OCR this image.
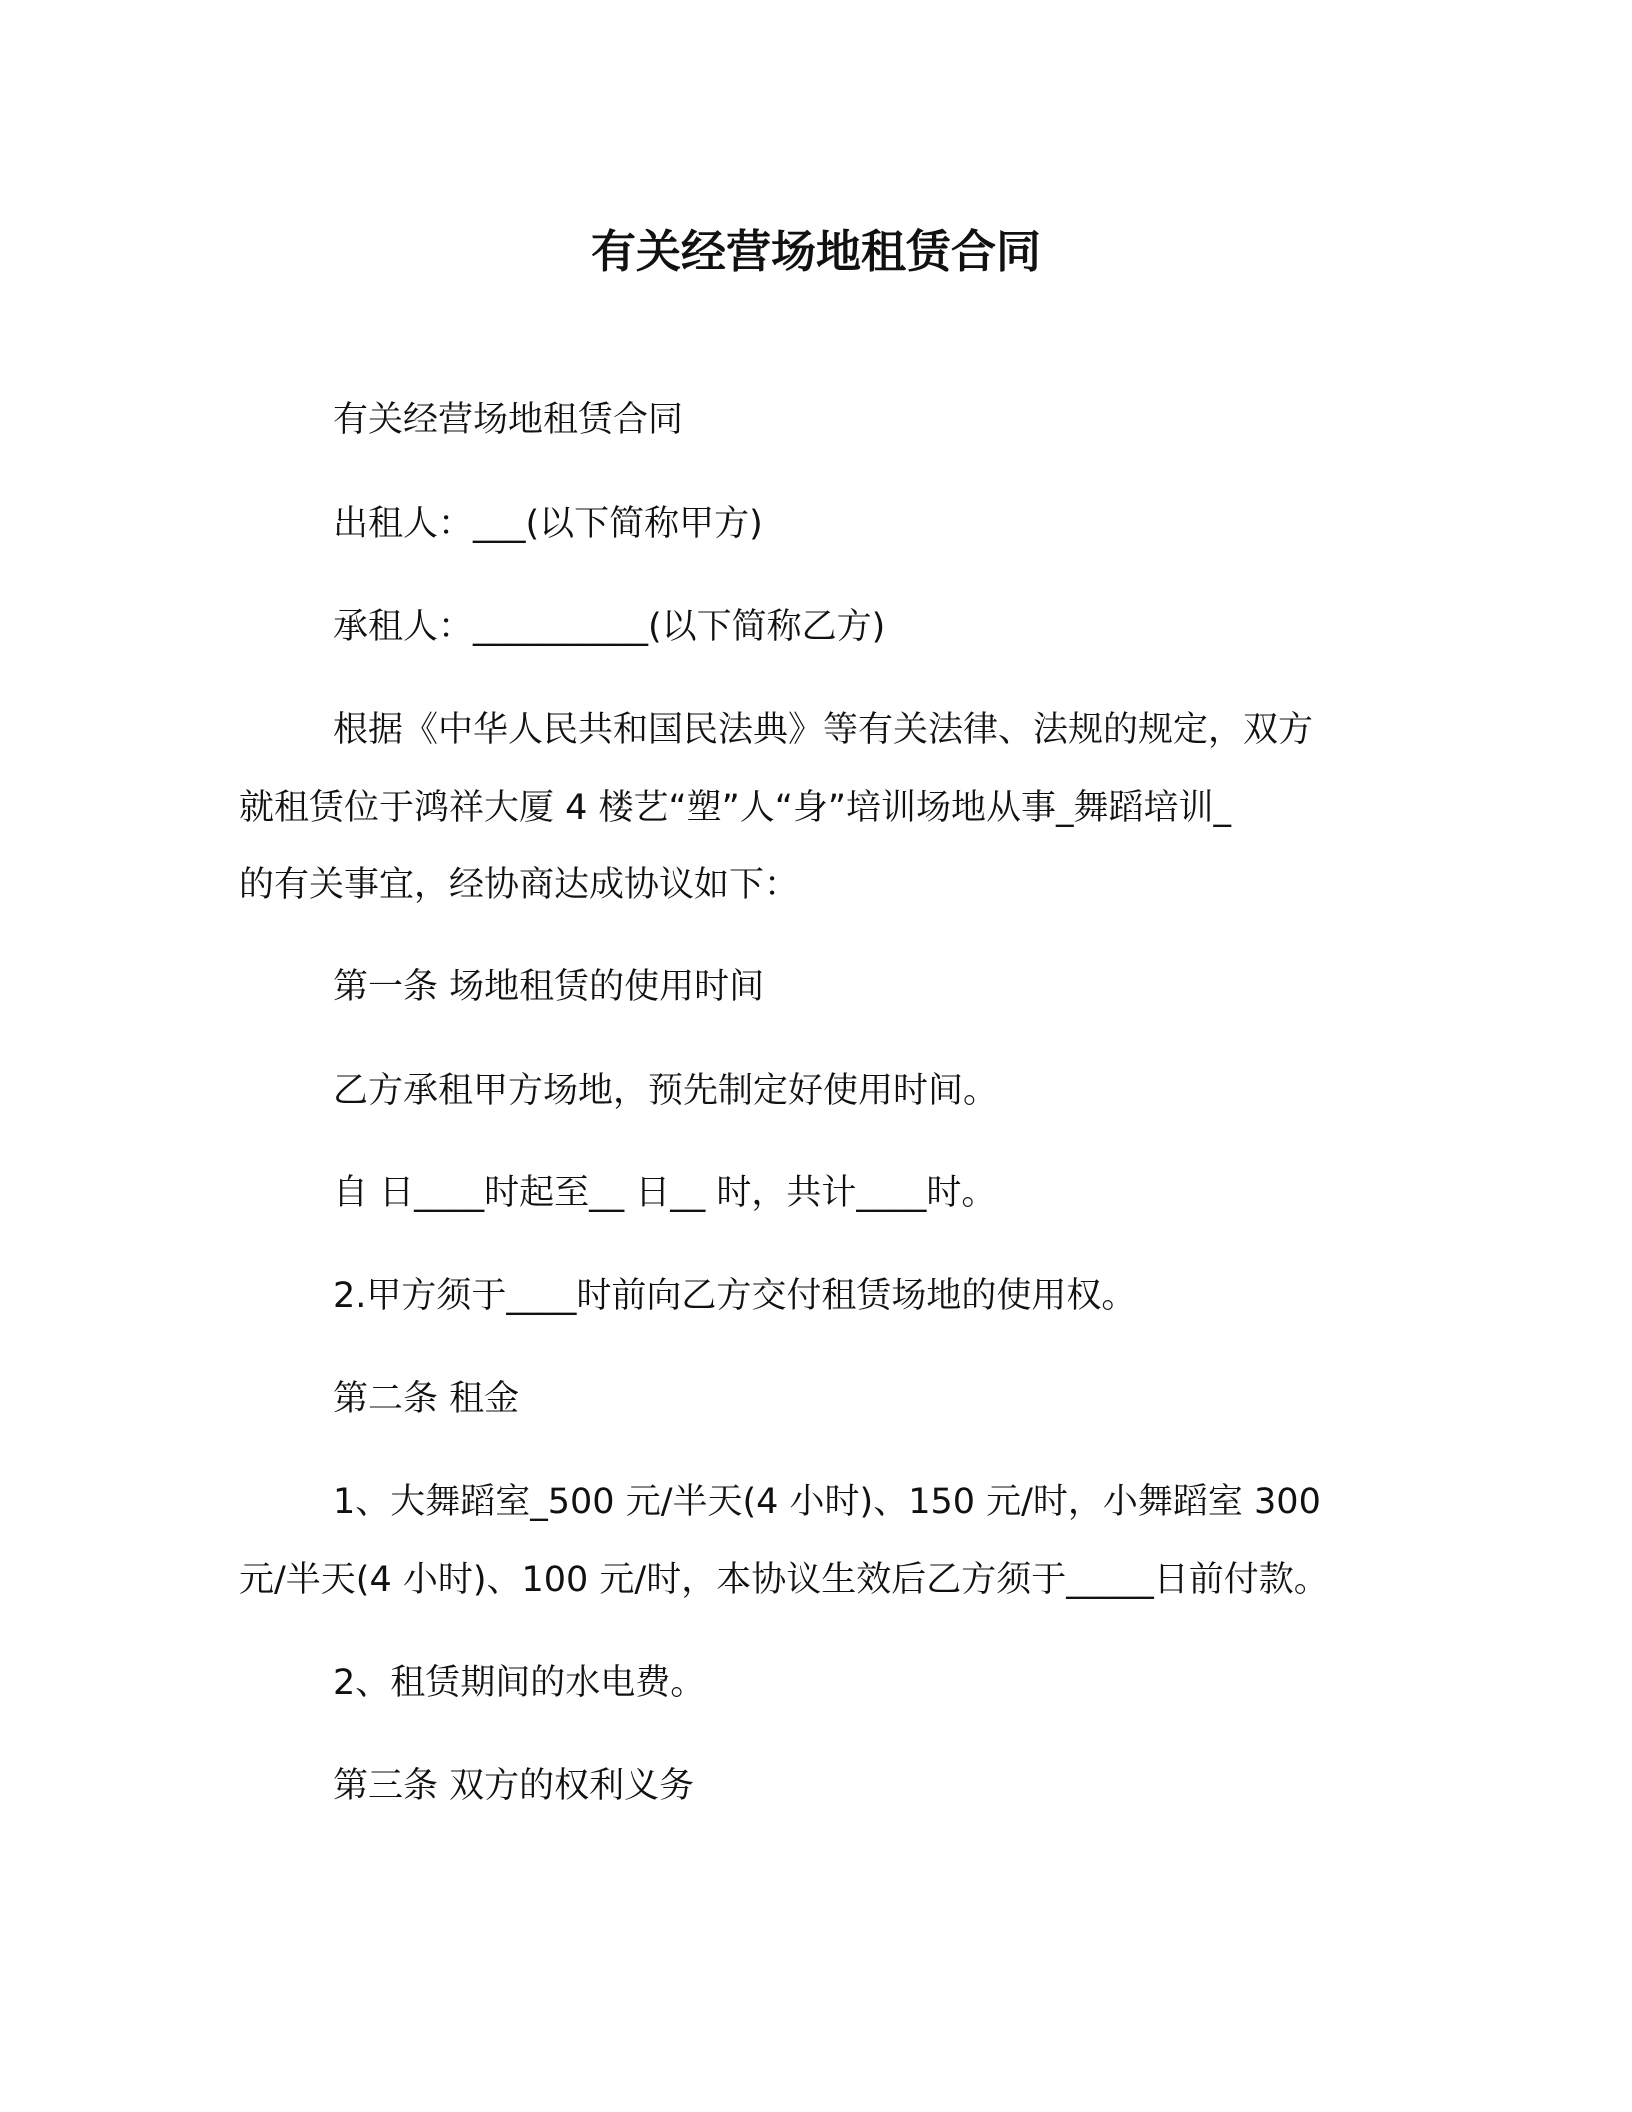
有关经营场地租赁合同
有关经营场地租赁合同
出租人：___(以下简称甲方)
承租人：__________(以下简称乙方)
根据《中华人民共和国民法典》等有关法律、法规的规定，双方
就租赁位于鸿祥大厦 4 楼艺“塑”人“身”培训场地从事_舞蹈培训_
的有关事宜，经协商达成协议如下：
第一条 场地租赁的使用时间
乙方承租甲方场地，预先制定好使用时间。
自 日____时起至__ 日__ 时，共计____时。
2.甲方须于____时前向乙方交付租赁场地的使用权。
第二条 租金
1、大舞蹈室_500 元/半天(4 小时)、150 元/时，小舞蹈室 300
元/半天(4 小时)、100 元/时，本协议生效后乙方须于_____日前付款。
2、租赁期间的水电费。
第三条 双方的权利义务
